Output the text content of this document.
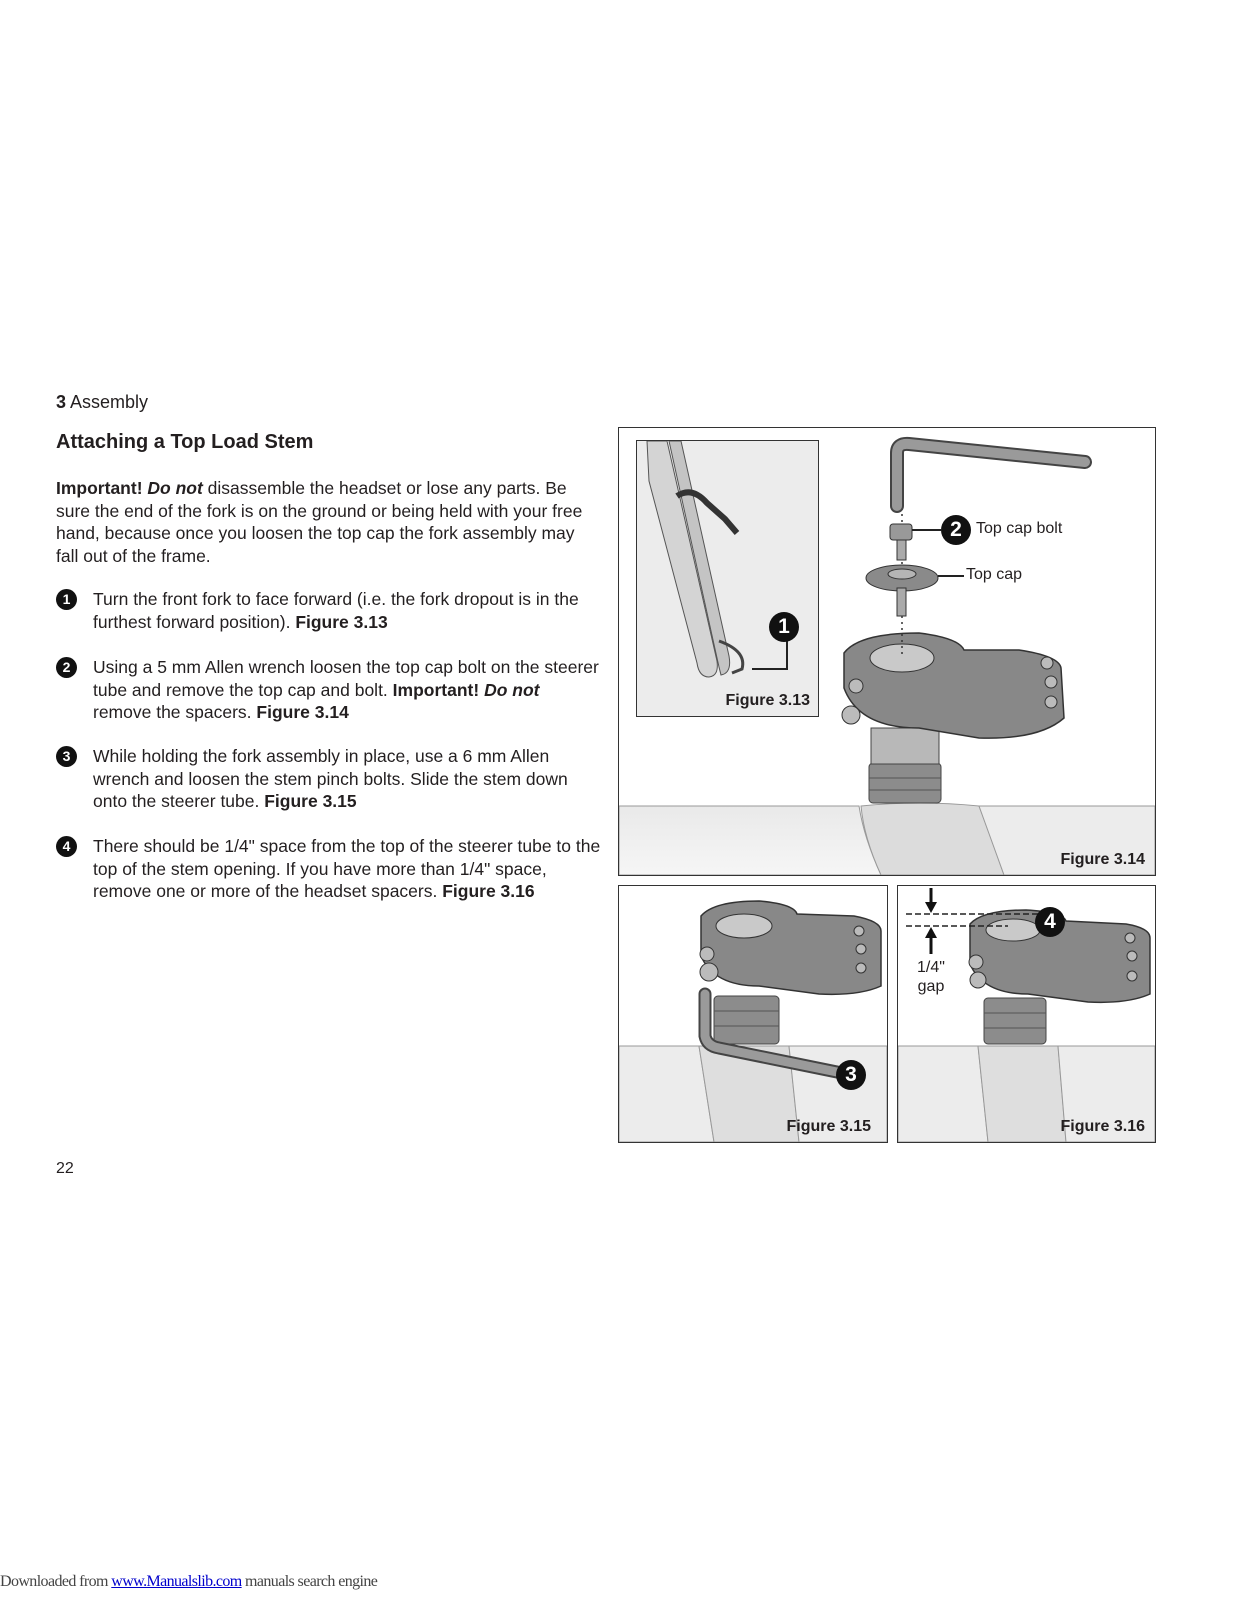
3 Assembly
Attaching a Top Load Stem
Important! Do not disassemble the headset or lose any parts. Be sure the end of the fork is on the ground or being held with your free hand, because once you loosen the top cap the fork assembly may fall out of the frame.
1	Turn the front fork to face forward (i.e. the fork dropout is in the furthest forward position). Figure 3.13
2	Using a 5 mm Allen wrench loosen the top cap bolt on the steerer tube and remove the top cap and bolt. Important! Do not remove the spacers. Figure 3.14
3	While holding the fork assembly in place, use a 6 mm Allen wrench and loosen the stem pinch bolts. Slide the stem down onto the steerer tube. Figure 3.15
4	There should be 1/4" space from the top of the steerer tube to the top of the stem opening. If you have more than 1/4" space, remove one or more of the headset spacers. Figure 3.16
22
Downloaded from www.Manualslib.com manuals search engine
2 Top cap bolt
Top cap
Figure 3.14
1
Figure 3.13
3
Figure 3.15
4
1/4"
gap
Figure 3.16
